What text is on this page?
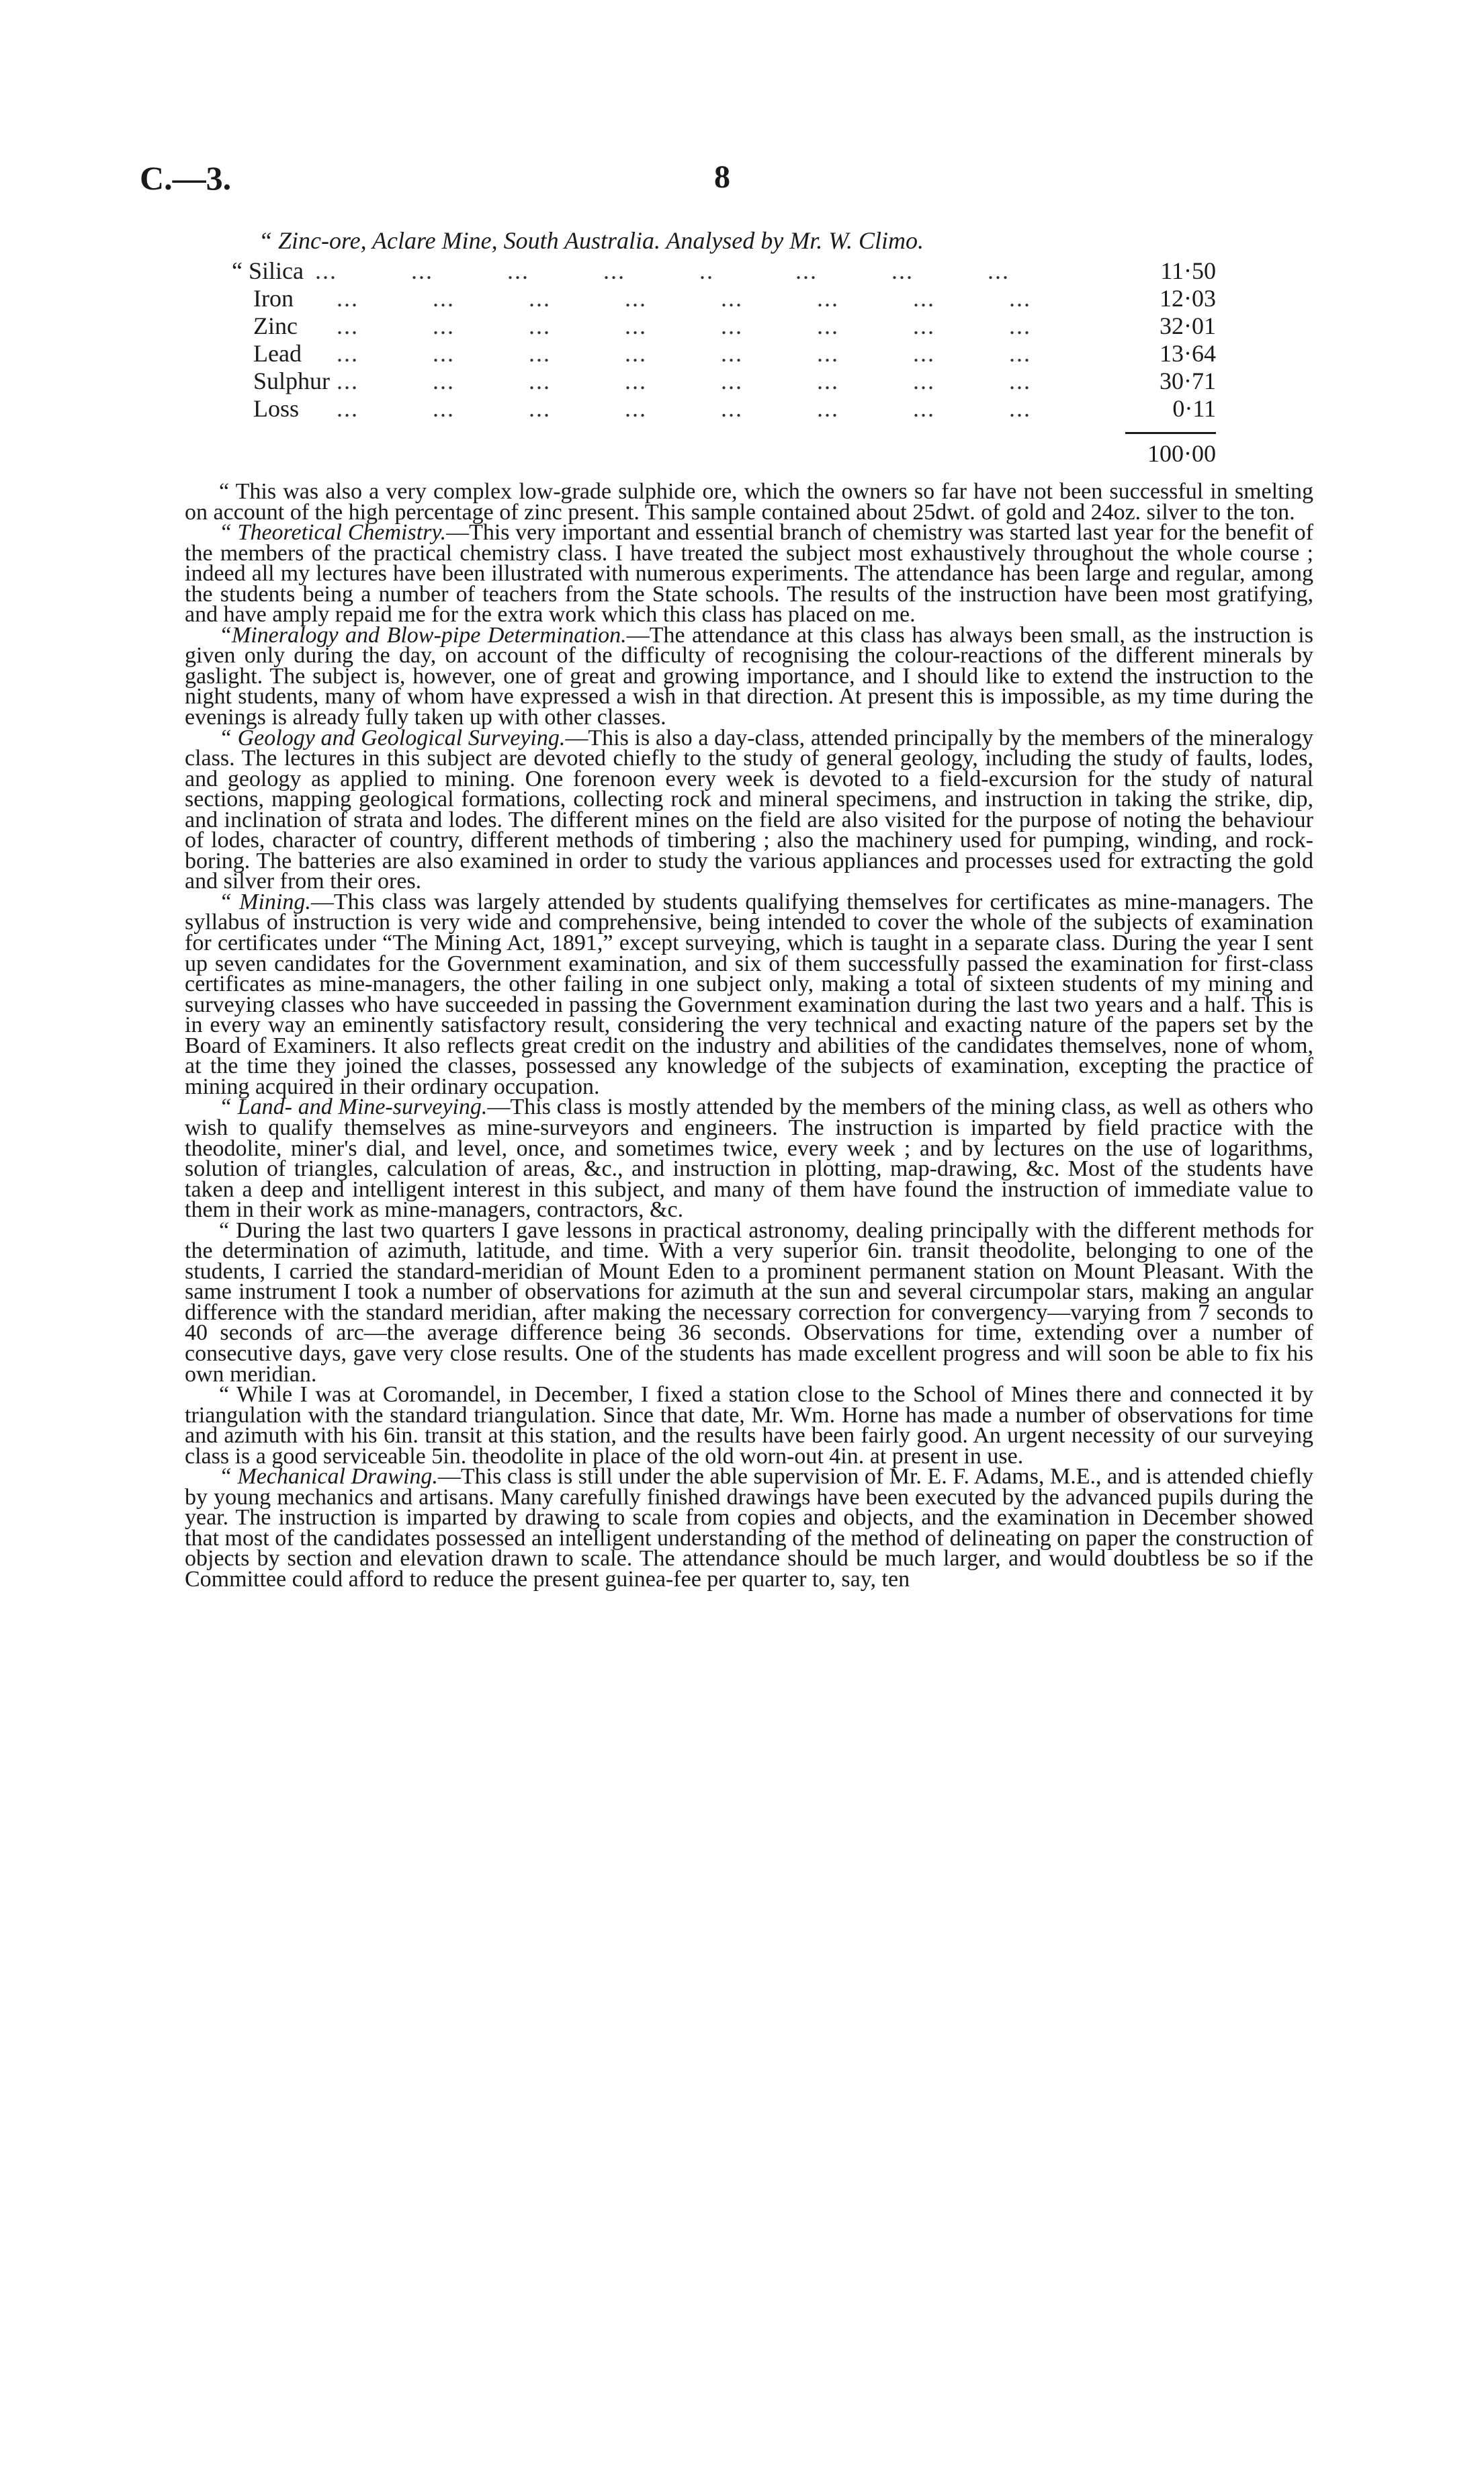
C.—3.	8
“ Zinc-ore, Aclare Mine, South Australia. Analysed by Mr. W. Climo.
“ Silica ...          ...          ...          ...          ..           ...          ...          ...	11·50
Iron	...          ...          ...          ...          ...          ...          ...          ...	12·03
Zinc	...          ...          ...          ...          ...          ...          ...          ...	32·01
Lead	...          ...          ...          ...          ...          ...          ...          ...	13·64
Sulphur ...          ...          ...          ...          ...          ...          ...          ...	30·71
Loss	...          ...          ...          ...          ...          ...          ...          ...	0·11
100·00

“ This was also a very complex low-grade sulphide ore, which the owners so far have not been successful in smelting on account of the high percentage of zinc present. This sample contained about 25dwt. of gold and 24oz. silver to the ton.

“ Theoretical Chemistry.—This very important and essential branch of chemistry was started last year for the benefit of the members of the practical chemistry class. I have treated the subject most exhaustively throughout the whole course ; indeed all my lectures have been illustrated with numerous experiments. The attendance has been large and regular, among the students being a number of teachers from the State schools. The results of the instruction have been most gratifying, and have amply repaid me for the extra work which this class has placed on me.

“Mineralogy and Blow-pipe Determination.—The attendance at this class has always been small, as the instruction is given only during the day, on account of the difficulty of recognising the colour-reactions of the different minerals by gaslight. The subject is, however, one of great and growing importance, and I should like to extend the instruction to the night students, many of whom have expressed a wish in that direction. At present this is impossible, as my time during the evenings is already fully taken up with other classes.

“ Geology and Geological Surveying.—This is also a day-class, attended principally by the members of the mineralogy class. The lectures in this subject are devoted chiefly to the study of general geology, including the study of faults, lodes, and geology as applied to mining. One forenoon every week is devoted to a field-excursion for the study of natural sections, mapping geological formations, collecting rock and mineral specimens, and instruction in taking the strike, dip, and inclination of strata and lodes. The different mines on the field are also visited for the purpose of noting the behaviour of lodes, character of country, different methods of timbering ; also the machinery used for pumping, winding, and rock-boring. The batteries are also examined in order to study the various appliances and processes used for extracting the gold and silver from their ores.

“ Mining.—This class was largely attended by students qualifying themselves for certificates as mine-managers. The syllabus of instruction is very wide and comprehensive, being intended to cover the whole of the subjects of examination for certificates under “The Mining Act, 1891,” except surveying, which is taught in a separate class. During the year I sent up seven candidates for the Government examination, and six of them successfully passed the examination for first-class certificates as mine-managers, the other failing in one subject only, making a total of sixteen students of my mining and surveying classes who have succeeded in passing the Government examination during the last two years and a half. This is in every way an eminently satisfactory result, considering the very technical and exacting nature of the papers set by the Board of Examiners. It also reflects great credit on the industry and abilities of the candidates themselves, none of whom, at the time they joined the classes, possessed any knowledge of the subjects of examination, excepting the practice of mining acquired in their ordinary occupation.

“ Land- and Mine-surveying.—This class is mostly attended by the members of the mining class, as well as others who wish to qualify themselves as mine-surveyors and engineers. The instruction is imparted by field practice with the theodolite, miner's dial, and level, once, and sometimes twice, every week ; and by lectures on the use of logarithms, solution of triangles, calculation of areas, &c., and instruction in plotting, map-drawing, &c. Most of the students have taken a deep and intelligent interest in this subject, and many of them have found the instruction of immediate value to them in their work as mine-managers, contractors, &c.

“ During the last two quarters I gave lessons in practical astronomy, dealing principally with the different methods for the determination of azimuth, latitude, and time. With a very superior 6in. transit theodolite, belonging to one of the students, I carried the standard-meridian of Mount Eden to a prominent permanent station on Mount Pleasant. With the same instrument I took a number of observations for azimuth at the sun and several circumpolar stars, making an angular difference with the standard meridian, after making the necessary correction for convergency—varying from 7 seconds to 40 seconds of arc—the average difference being 36 seconds. Observations for time, extending over a number of consecutive days, gave very close results. One of the students has made excellent progress and will soon be able to fix his own meridian.

“ While I was at Coromandel, in December, I fixed a station close to the School of Mines there and connected it by triangulation with the standard triangulation. Since that date, Mr. Wm. Horne has made a number of observations for time and azimuth with his 6in. transit at this station, and the results have been fairly good. An urgent necessity of our surveying class is a good serviceable 5in. theodolite in place of the old worn-out 4in. at present in use.

“ Mechanical Drawing.—This class is still under the able supervision of Mr. E. F. Adams, M.E., and is attended chiefly by young mechanics and artisans. Many carefully finished drawings have been executed by the advanced pupils during the year. The instruction is imparted by drawing to scale from copies and objects, and the examination in December showed that most of the candidates possessed an intelligent understanding of the method of delineating on paper the construction of objects by section and elevation drawn to scale. The attendance should be much larger, and would doubtless be so if the Committee could afford to reduce the present guinea-fee per quarter to, say, ten
